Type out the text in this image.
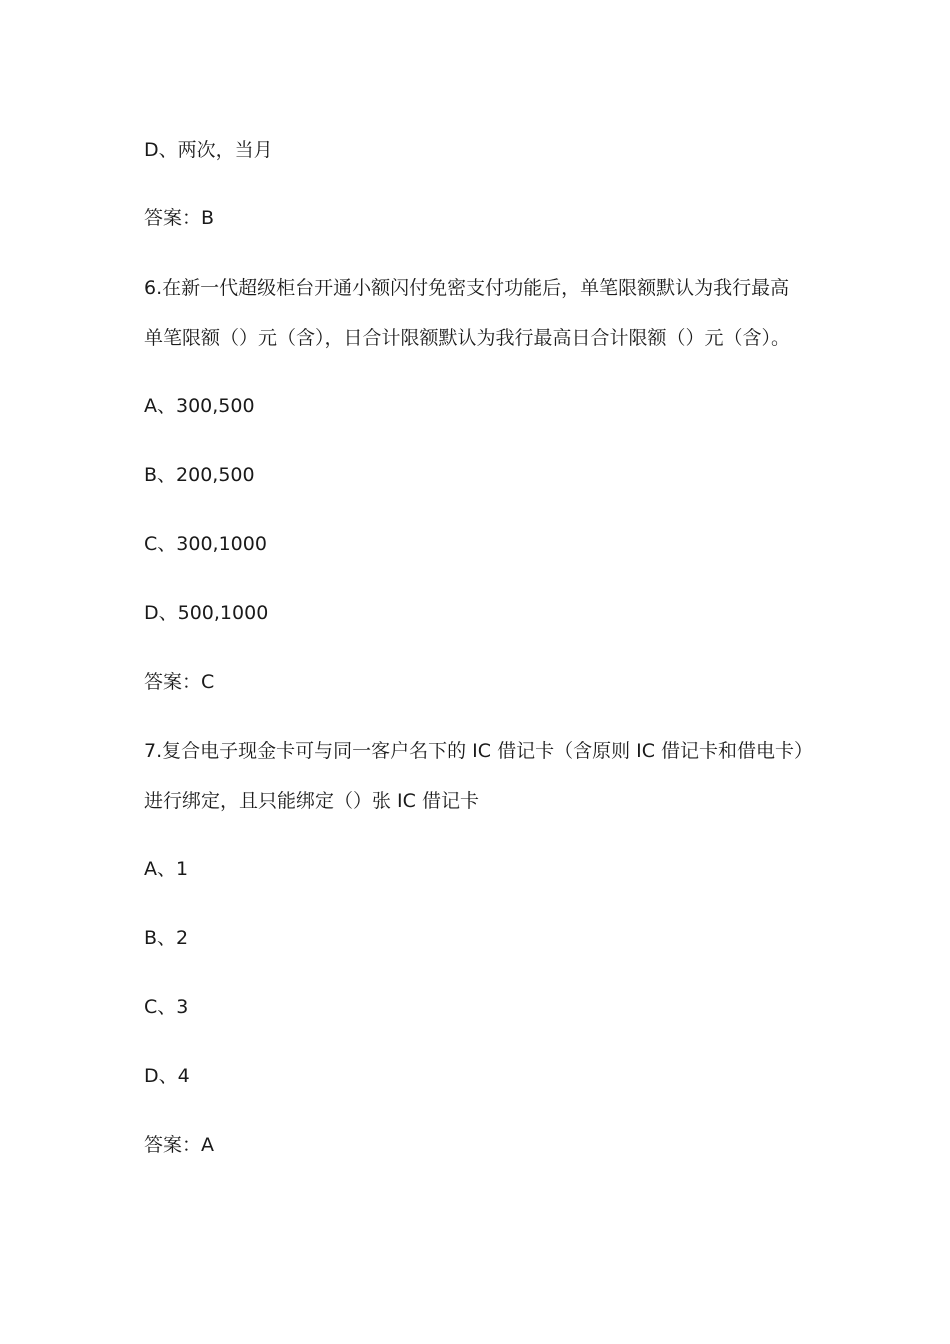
D、两次，当月
答案：B
6.在新一代超级柜台开通小额闪付免密支付功能后，单笔限额默认为我行最高
单笔限额（）元（含），日合计限额默认为我行最高日合计限额（）元（含）。
A、300,500
B、200,500
C、300,1000
D、500,1000
答案：C
7.复合电子现金卡可与同一客户名下的 IC 借记卡（含原则 IC 借记卡和借电卡）
进行绑定，且只能绑定（）张 IC 借记卡
A、1
B、2
C、3
D、4
答案：A
